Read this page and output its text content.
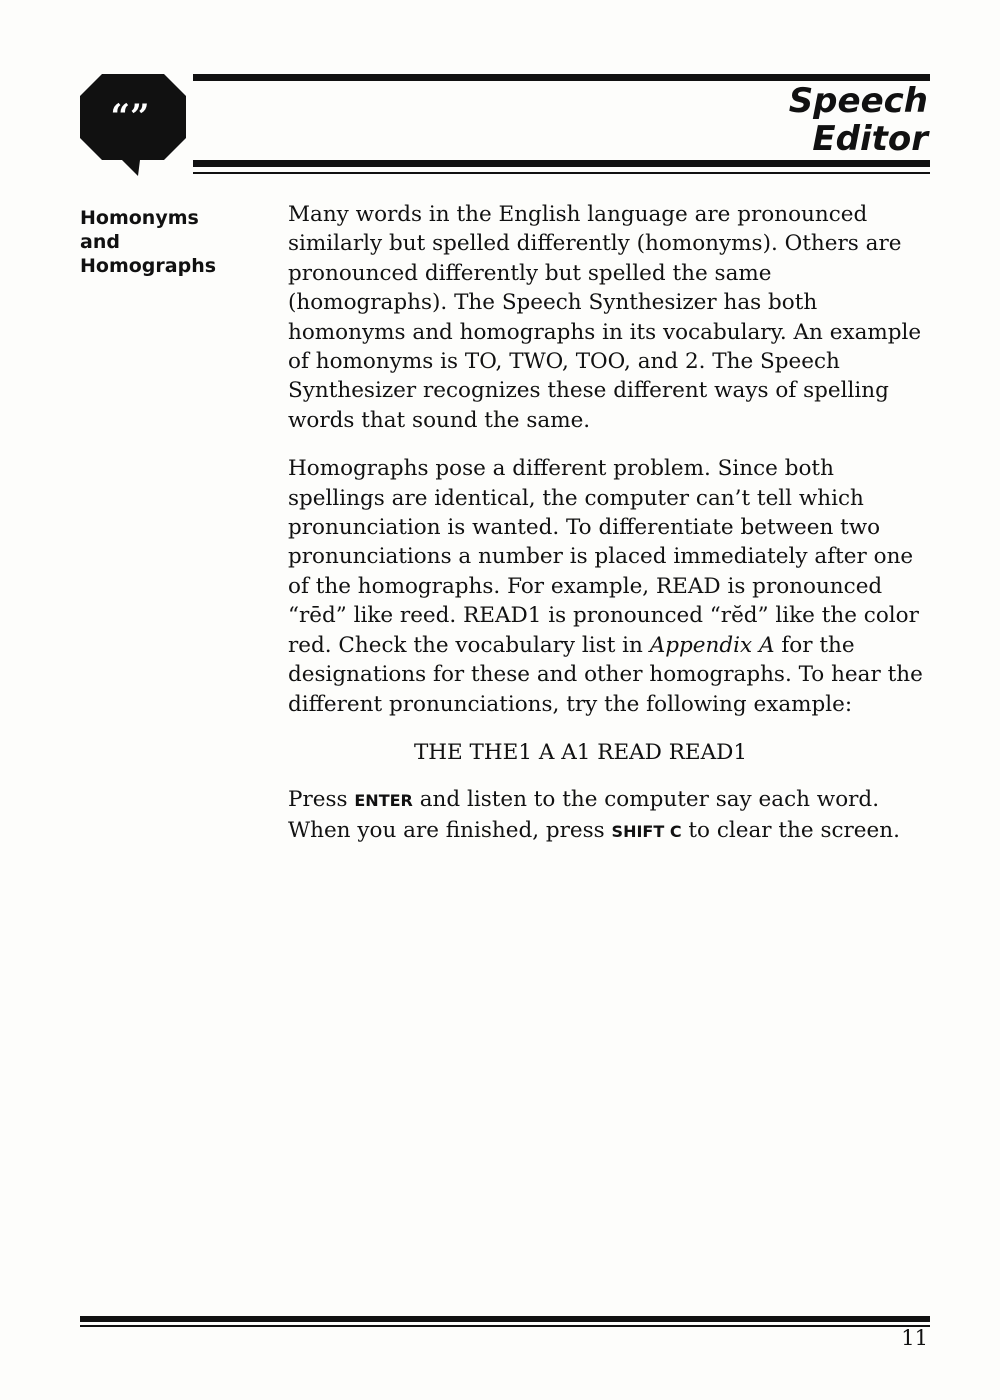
“”	Speech
Editor
Homonyms
and
Homographs

Many words in the English language are pronounced similarly but spelled differently (homonyms). Others are pronounced differently but spelled the same (homographs). The Speech Synthesizer has both homonyms and homographs in its vocabulary. An example of homonyms is TO, TWO, TOO, and 2. The Speech Synthesizer recognizes these different ways of spelling words that sound the same.

Homographs pose a different problem. Since both spellings are identical, the computer can’t tell which pronunciation is wanted. To differentiate between two pronunciations a number is placed immediately after one of the homographs. For example, READ is pronounced “rēd” like reed. READ1 is pronounced “rĕd” like the color red. Check the vocabulary list in Appendix A for the designations for these and other homographs. To hear the different pronunciations, try the following example:

THE THE1 A A1 READ READ1

Press ENTER and listen to the computer say each word. When you are finished, press SHIFT C to clear the screen.

11
